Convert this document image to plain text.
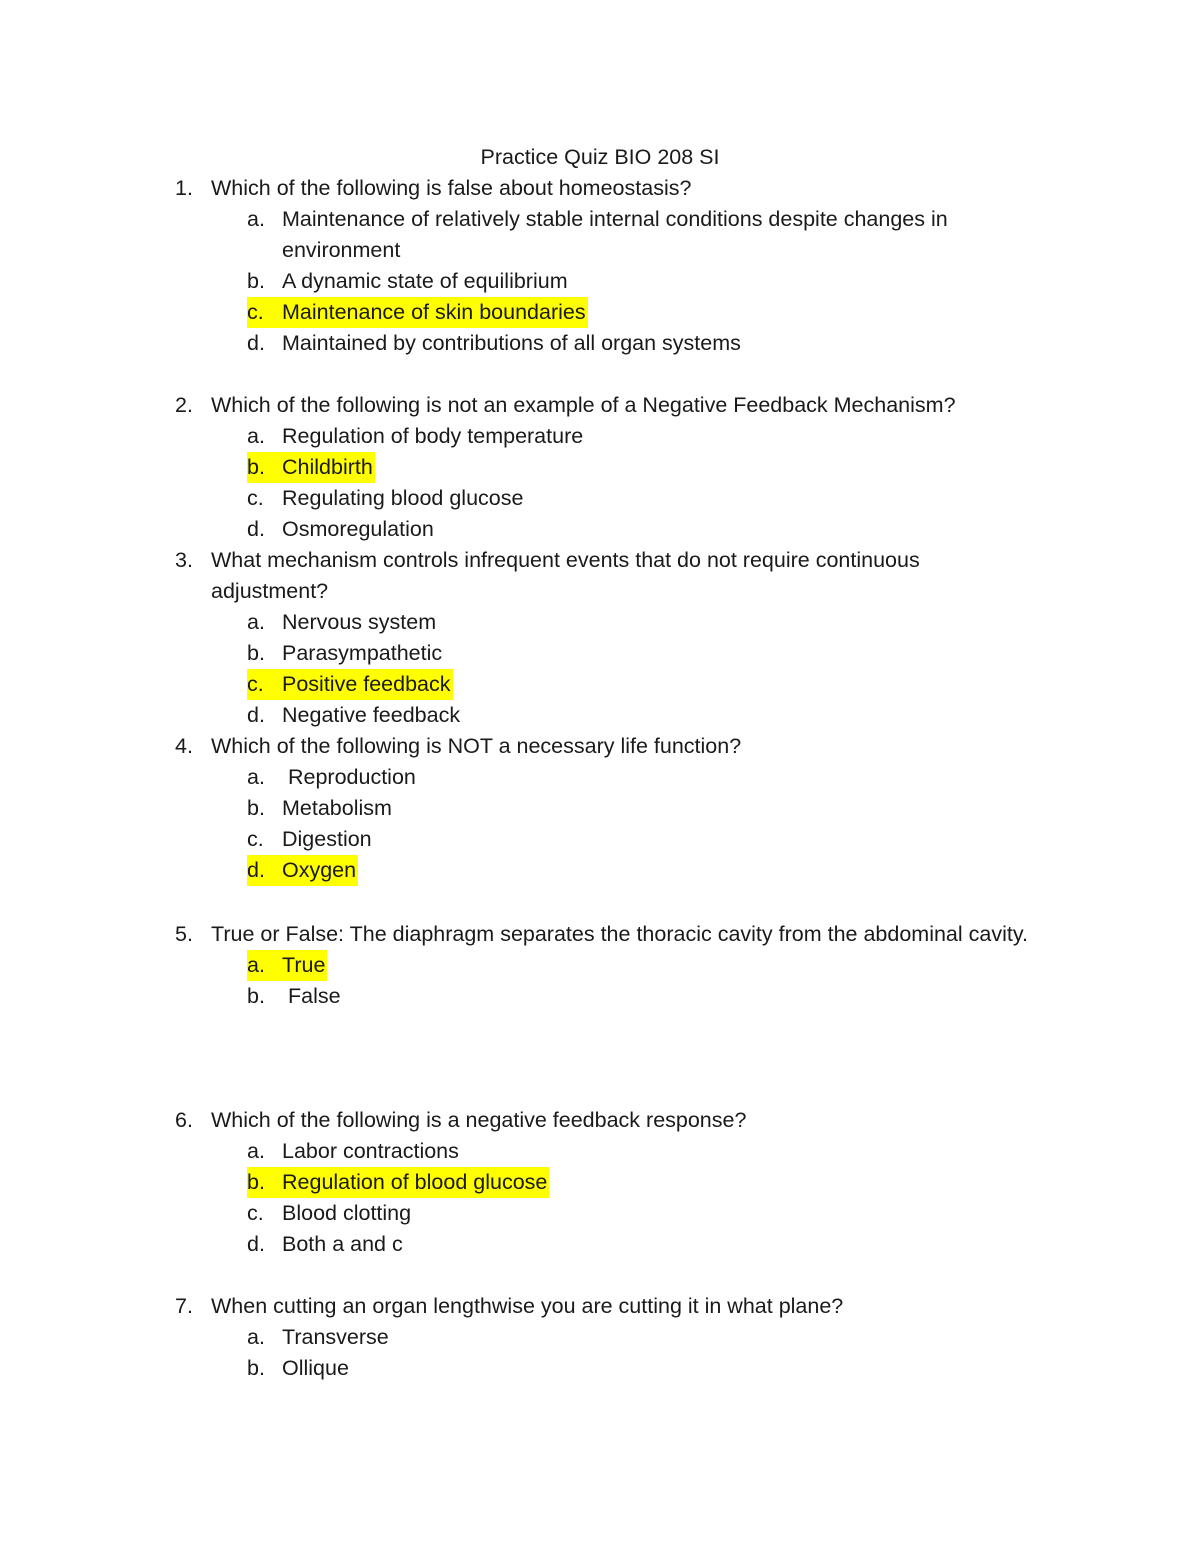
Practice Quiz BIO 208 SI
1. Which of the following is false about homeostasis?
a. Maintenance of relatively stable internal conditions despite changes in environment
b. A dynamic state of equilibrium
c. Maintenance of skin boundaries
d. Maintained by contributions of all organ systems
2. Which of the following is not an example of a Negative Feedback Mechanism?
a. Regulation of body temperature
b. Childbirth
c. Regulating blood glucose
d. Osmoregulation
3. What mechanism controls infrequent events that do not require continuous adjustment?
a. Nervous system
b. Parasympathetic
c. Positive feedback
d. Negative feedback
4. Which of the following is NOT a necessary life function?
a. Reproduction
b. Metabolism
c. Digestion
d. Oxygen
5. True or False: The diaphragm separates the thoracic cavity from the abdominal cavity.
a. True
b. False
6. Which of the following is a negative feedback response?
a. Labor contractions
b. Regulation of blood glucose
c. Blood clotting
d. Both a and c
7. When cutting an organ lengthwise you are cutting it in what plane?
a. Transverse
b. Ollique
